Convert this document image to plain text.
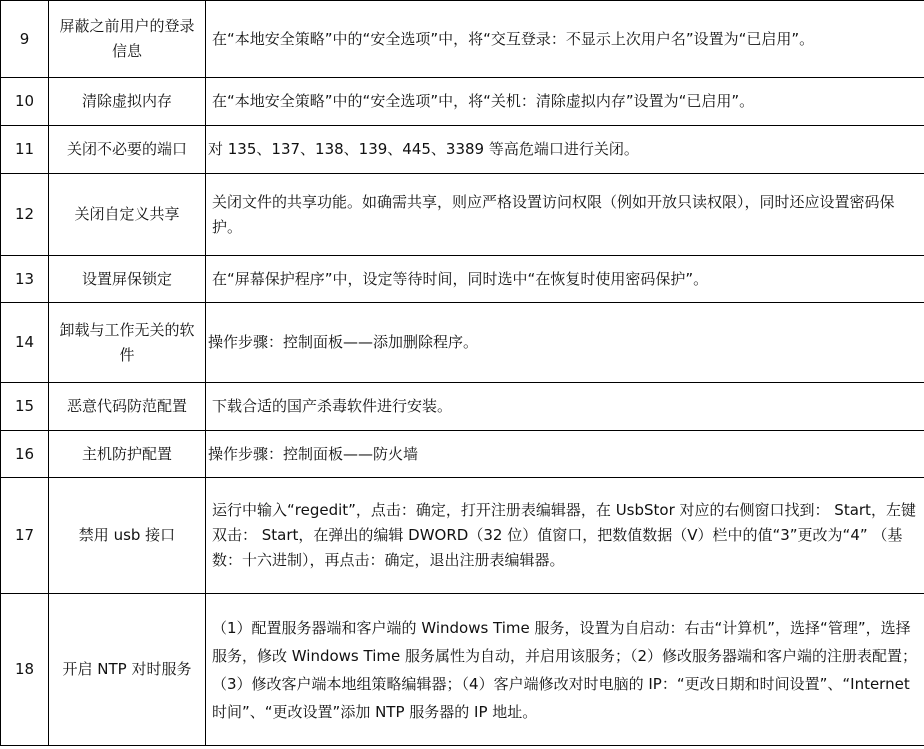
9	屏蔽之前用户的登录信息	在“本地安全策略”中的“安全选项”中，将“交互登录：不显示上次用户名”设置为“已启用”。
10	清除虚拟内存	在“本地安全策略”中的“安全选项”中，将“关机：清除虚拟内存”设置为“已启用”。
11	关闭不必要的端口	对 135、137、138、139、445、3389 等高危端口进行关闭。
12	关闭自定义共享	关闭文件的共享功能。如确需共享，则应严格设置访问权限（例如开放只读权限），同时还应设置密码保护。
13	设置屏保锁定	在“屏幕保护程序”中，设定等待时间，同时选中“在恢复时使用密码保护”。
14	卸载与工作无关的软件	操作步骤：控制面板——添加删除程序。
15	恶意代码防范配置	下载合适的国产杀毒软件进行安装。
16	主机防护配置	操作步骤：控制面板——防火墙
17	禁用 usb 接口	运行中输入“regedit”，点击：确定，打开注册表编辑器，在 UsbStor 对应的右侧窗口找到： Start，左键双击： Start，在弹出的编辑 DWORD（32 位）值窗口，把数值数据（V）栏中的值“3”更改为“4” （基数：十六进制），再点击：确定，退出注册表编辑器。
18	开启 NTP 对时服务	（1）配置服务器端和客户端的 Windows Time 服务，设置为自启动：右击“计算机”，选择“管理”，选择服务，修改 Windows Time 服务属性为自动，并启用该服务；（2）修改服务器端和客户端的注册表配置；（3）修改客户端本地组策略编辑器；（4）客户端修改对时电脑的 IP：“更改日期和时间设置”、“Internet 时间”、“更改设置”添加 NTP 服务器的 IP 地址。
